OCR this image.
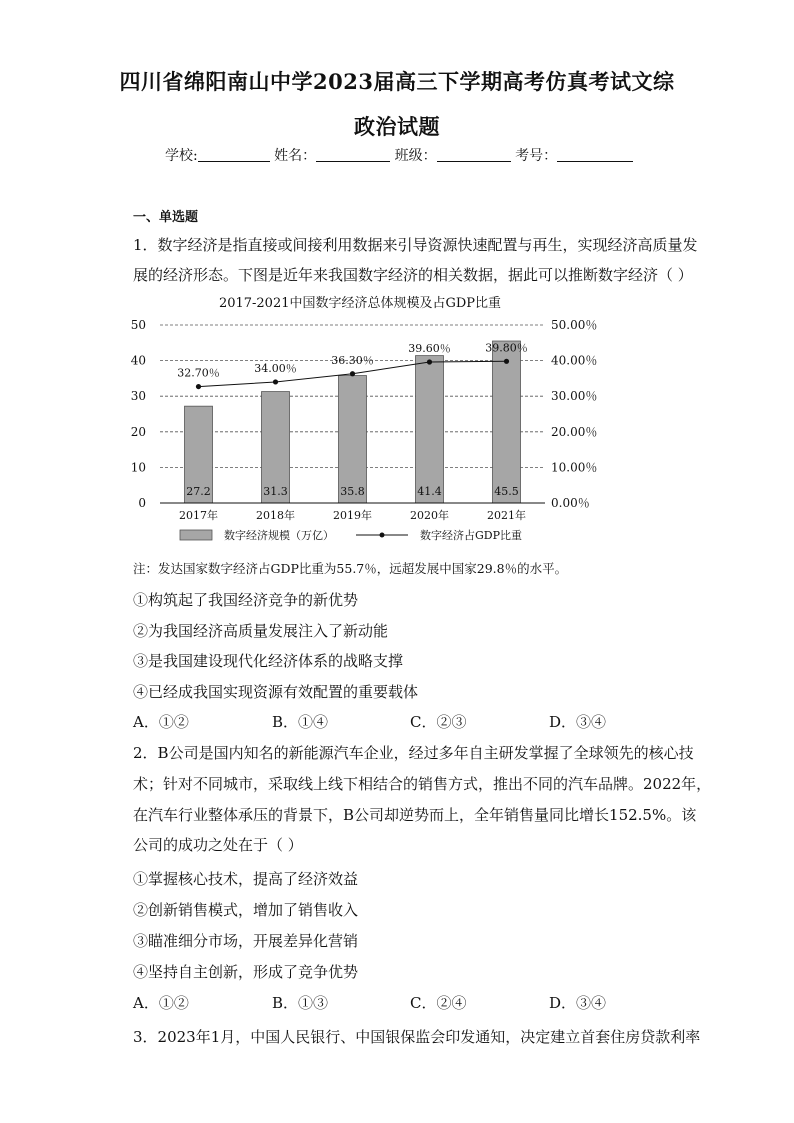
四川省绵阳南山中学2023届高三下学期高考仿真考试文综
政治试题
学校:	姓名：	班级：	考号：
一、单选题
1．数字经济是指直接或间接利用数据来引导资源快速配置与再生，实现经济高质量发
展的经济形态。下图是近年来我国数字经济的相关数据，据此可以推断数字经济（ ）
2017-2021中国数字经济总体规模及占GDP比重
27.2	31.3	35.8	41.4	45.5
32.70％	34.00％
36.30％
39.60％	39.80％
0
10
20
30
40
50
0.00％
10.00％
20.00％
30.00％
40.00％
50.00％
2017年	2018年	2019年	2020年	2021年
数字经济规模（万亿）	数字经济占GDP比重
注：发达国家数字经济占GDP比重为55.7％，远超发展中国家29.8％的水平。
①构筑起了我国经济竞争的新优势
②为我国经济高质量发展注入了新动能
③是我国建设现代化经济体系的战略支撑
④已经成我国实现资源有效配置的重要载体
A．①②	B．①④	C．②③	D．③④
2．B公司是国内知名的新能源汽车企业，经过多年自主研发掌握了全球领先的核心技
术；针对不同城市，采取线上线下相结合的销售方式，推出不同的汽车品牌。2022年，
在汽车行业整体承压的背景下，B公司却逆势而上，全年销售量同比增长152.5%。该
公司的成功之处在于（ ）
①掌握核心技术，提高了经济效益
②创新销售模式，增加了销售收入
③瞄准细分市场，开展差异化营销
④坚持自主创新，形成了竞争优势
A．①②	B．①③	C．②④	D．③④
3．2023年1月，中国人民银行、中国银保监会印发通知，决定建立首套住房贷款利率
